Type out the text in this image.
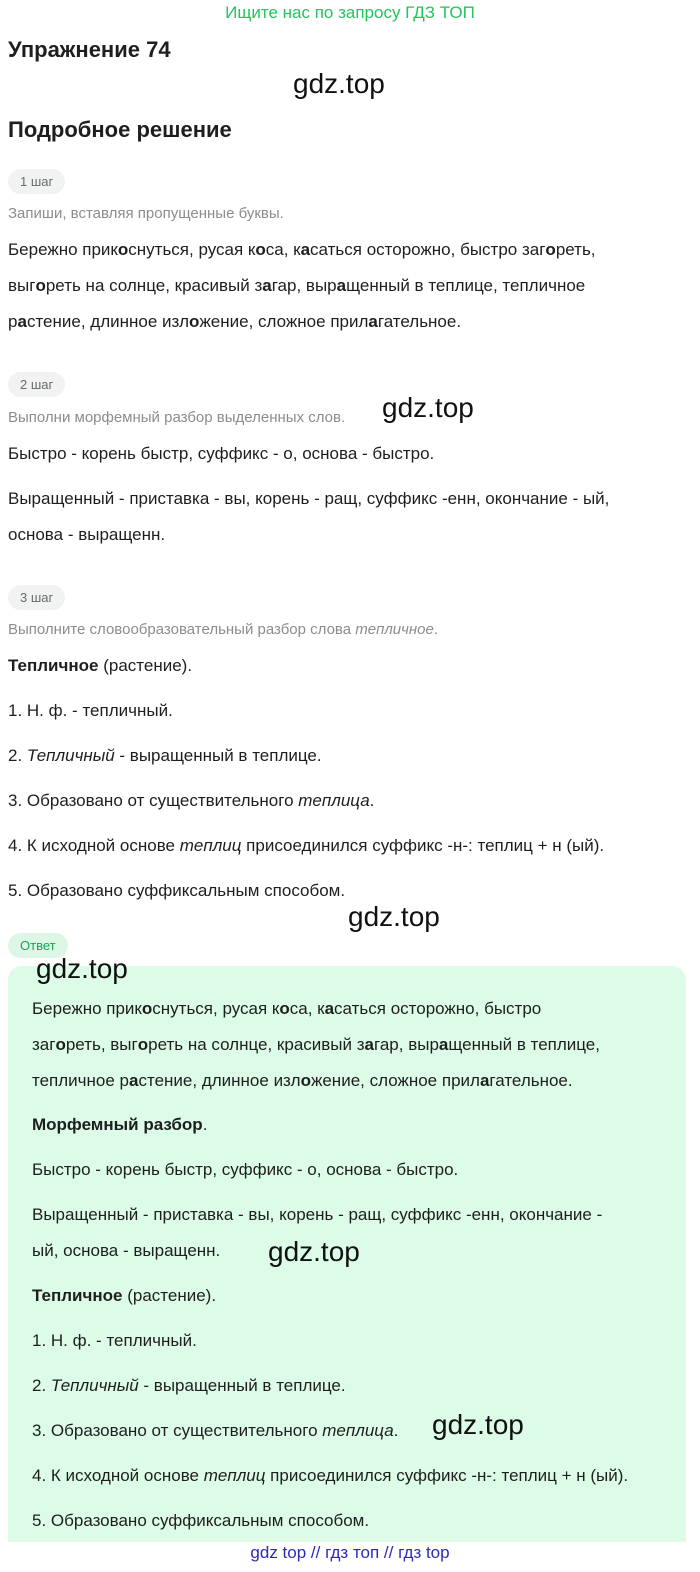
Ищите нас по запросу ГДЗ ТОП
Упражнение 74
gdz.top
Подробное решение
1 шаг
Запиши, вставляя пропущенные буквы.
Бережно прикоснуться, русая коса, касаться осторожно, быстро загореть,
выгореть на солнце, красивый загар, выращенный в теплице, тепличное
растение, длинное изложение, сложное прилагательное.
2 шаг
Выполни морфемный разбор выделенных слов. gdz.top
Быстро - корень быстр, суффикс - о, основа - быстро.
Выращенный - приставка - вы, корень - ращ, суффикс -енн, окончание - ый,
основа - выращенн.
3 шаг
Выполните словообразовательный разбор слова тепличное.
Тепличное (растение).
1. Н. ф. - тепличный.
2. Тепличный - выращенный в теплице.
3. Образовано от существительного теплица.
4. К исходной основе теплиц присоединился суффикс -н-: теплиц + н (ый).
5. Образовано суффиксальным способом.
gdz.top
Ответ
gdz.top
Бережно прикоснуться, русая коса, касаться осторожно, быстро
загореть, выгореть на солнце, красивый загар, выращенный в теплице,
тепличное растение, длинное изложение, сложное прилагательное.
Морфемный разбор.
Быстро - корень быстр, суффикс - о, основа - быстро.
Выращенный - приставка - вы, корень - ращ, суффикс -енн, окончание -
ый, основа - выращенн.	gdz.top
Тепличное (растение).
1. Н. ф. - тепличный.
2. Тепличный - выращенный в теплице.
3. Образовано от существительного теплица. gdz.top
4. К исходной основе теплиц присоединился суффикс -н-: теплиц + н (ый).
5. Образовано суффиксальным способом.
gdz top // гдз топ // гдз top
